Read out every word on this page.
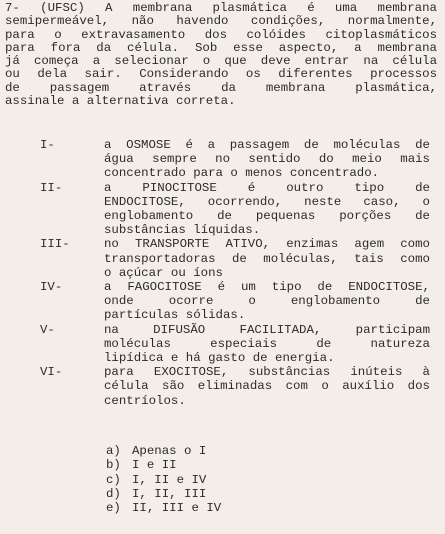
7- (UFSC) A membrana plasmática é uma membrana
semipermeável, não havendo condições, normalmente,
para o extravasamento dos colóides citoplasmáticos
para fora da célula. Sob esse aspecto, a membrana
já começa a selecionar o que deve entrar na célula
ou dela sair. Considerando os diferentes processos
de passagem através da membrana plasmática,
assinale a alternativa correta.
I-	a OSMOSE é a passagem de moléculas de
água sempre no sentido do meio mais
concentrado para o menos concentrado.
II-	a PINOCITOSE é outro tipo de
ENDOCITOSE, ocorrendo, neste caso, o
englobamento de pequenas porções de
substâncias líquidas.
III-	no TRANSPORTE ATIVO, enzimas agem como
transportadoras de moléculas, tais como
o açúcar ou íons
IV-	a FAGOCITOSE é um tipo de ENDOCITOSE,
onde ocorre o englobamento de
partículas sólidas.
V-	na DIFUSÃO FACILITADA, participam
moléculas especiais de natureza
lipídica e há gasto de energia.
VI-	para EXOCITOSE, substâncias inúteis à
célula são eliminadas com o auxílio dos
centríolos.
a) Apenas o I
b) I e II
c) I, II e IV
d) I, II, III
e) II, III e IV
